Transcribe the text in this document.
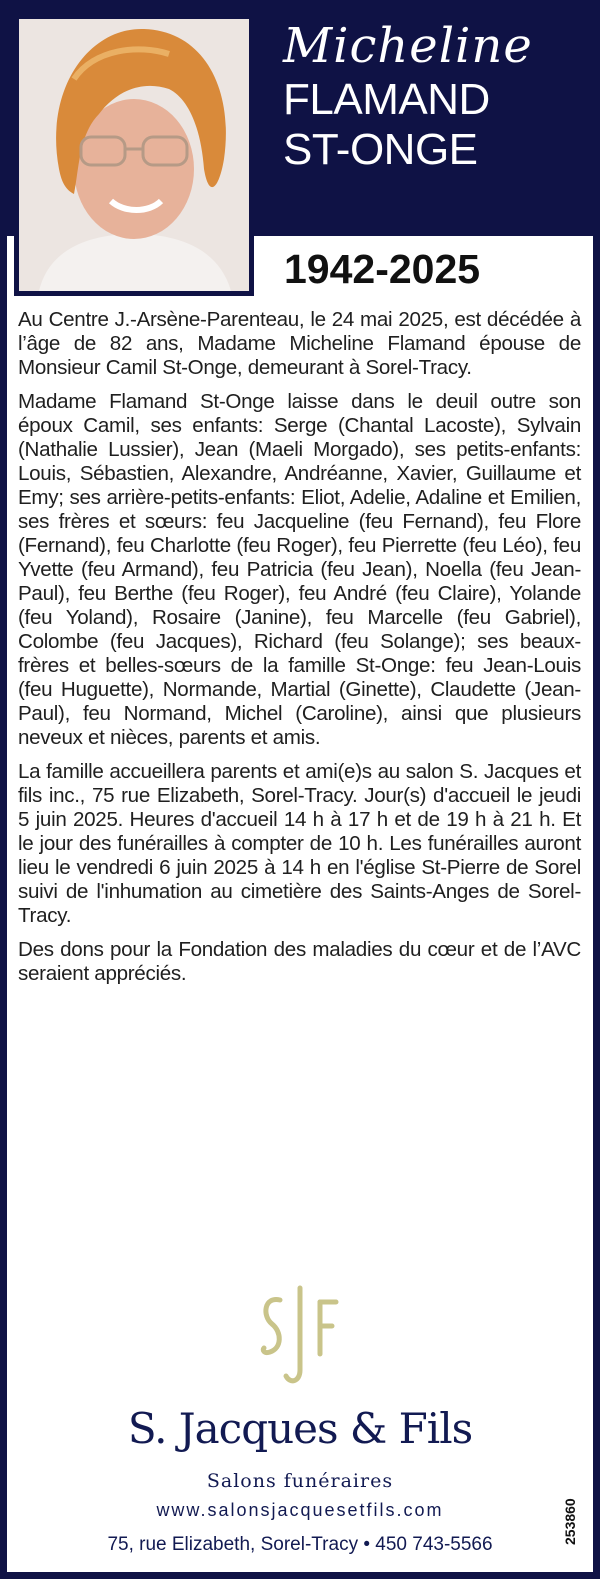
Micheline
FLAMAND
ST-ONGE
1942-2025

Au Centre J.-Arsène-Parenteau, le 24 mai 2025, est décédée à l’âge de 82 ans, Madame Micheline Flamand épouse de Monsieur Camil St-Onge, demeurant à Sorel-Tracy.

Madame Flamand St-Onge laisse dans le deuil outre son époux Camil, ses enfants: Serge (Chantal Lacoste), Sylvain (Nathalie Lussier), Jean (Maeli Morgado), ses petits-enfants: Louis, Sébastien, Alexandre, Andréanne, Xavier, Guillaume et Emy; ses arrière-petits-enfants: Eliot, Adelie, Adaline et Emilien, ses frères et sœurs: feu Jacqueline (feu Fernand), feu Flore (Fernand), feu Charlotte (feu Roger), feu Pierrette (feu Léo), feu Yvette (feu Armand), feu Patricia (feu Jean), Noella (feu Jean-Paul), feu Berthe (feu Roger), feu André (feu Claire), Yolande (feu Yoland), Rosaire (Janine), feu Marcelle (feu Gabriel), Colombe (feu Jacques), Richard (feu Solange); ses beaux-frères et belles-sœurs de la famille St-Onge: feu Jean-Louis (feu Huguette), Normande, Martial (Ginette), Claudette (Jean-Paul), feu Normand, Michel (Caroline), ainsi que plusieurs neveux et nièces, parents et amis.

La famille accueillera parents et ami(e)s au salon S. Jacques et fils inc., 75 rue Elizabeth, Sorel-Tracy. Jour(s) d'accueil le jeudi 5 juin 2025. Heures d'accueil 14 h à 17 h et de 19 h à 21 h. Et le jour des funérailles à compter de 10 h. Les funérailles auront lieu le vendredi 6 juin 2025 à 14 h en l'église St-Pierre de Sorel suivi de l'inhumation au cimetière des Saints-Anges de Sorel-Tracy.

Des dons pour la Fondation des maladies du cœur et de l’AVC seraient appréciés.

S. Jacques & Fils
Salons funéraires
www.salonsjacquesetfils.com
75, rue Elizabeth, Sorel-Tracy • 450 743-5566	253860
